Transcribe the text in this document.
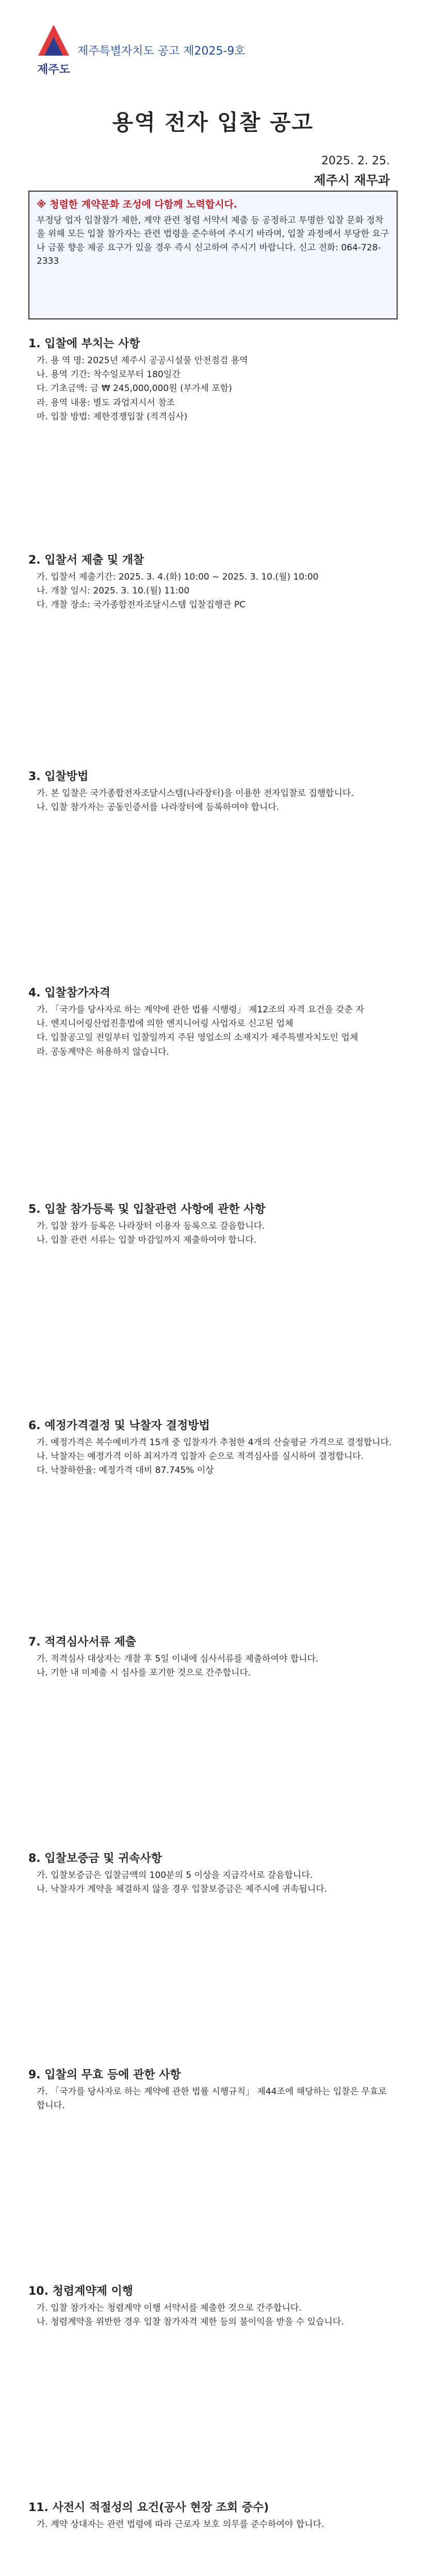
제주도
제주특별자치도 공고 제2025-9호
용역 전자 입찰 공고
2025. 2. 25.
제주시 재무과
※ 청렴한 계약문화 조성에 다함께 노력합시다.
부정당 업자 입찰참가 제한, 계약 관련 청렴 서약서 제출 등 공정하고 투명한 입찰 문화 정착을 위해 모든 입찰 참가자는 관련 법령을 준수하여 주시기 바라며, 입찰 과정에서 부당한 요구나 금품 향응 제공 요구가 있을 경우 즉시 신고하여 주시기 바랍니다. 신고 전화: 064-728-2333
1. 입찰에 부치는 사항

가. 용 역 명: 2025년 제주시 공공시설물 안전점검 용역

나. 용역 기간: 착수일로부터 180일간

다. 기초금액: 금 ₩ 245,000,000원 (부가세 포함)

라. 용역 내용: 별도 과업지시서 참조

마. 입찰 방법: 제한경쟁입찰 (적격심사)

2. 입찰서 제출 및 개찰

가. 입찰서 제출기간: 2025. 3. 4.(화) 10:00 ~ 2025. 3. 10.(월) 10:00

나. 개찰 일시: 2025. 3. 10.(월) 11:00

다. 개찰 장소: 국가종합전자조달시스템 입찰집행관 PC

3. 입찰방법

가. 본 입찰은 국가종합전자조달시스템(나라장터)을 이용한 전자입찰로 집행합니다.

나. 입찰 참가자는 공동인증서를 나라장터에 등록하여야 합니다.

4. 입찰참가자격

가. 「국가를 당사자로 하는 계약에 관한 법률 시행령」 제12조의 자격 요건을 갖춘 자

나. 엔지니어링산업진흥법에 의한 엔지니어링 사업자로 신고된 업체

다. 입찰공고일 전일부터 입찰일까지 주된 영업소의 소재지가 제주특별자치도인 업체

라. 공동계약은 허용하지 않습니다.

5. 입찰 참가등록 및 입찰관련 사항에 관한 사항

가. 입찰 참가 등록은 나라장터 이용자 등록으로 갈음합니다.

나. 입찰 관련 서류는 입찰 마감일까지 제출하여야 합니다.

6. 예정가격결정 및 낙찰자 결정방법

가. 예정가격은 복수예비가격 15개 중 입찰자가 추첨한 4개의 산술평균 가격으로 결정합니다.

나. 낙찰자는 예정가격 이하 최저가격 입찰자 순으로 적격심사를 실시하여 결정합니다.

다. 낙찰하한율: 예정가격 대비 87.745% 이상

7. 적격심사서류 제출

가. 적격심사 대상자는 개찰 후 5일 이내에 심사서류를 제출하여야 합니다.

나. 기한 내 미제출 시 심사를 포기한 것으로 간주합니다.

8. 입찰보증금 및 귀속사항

가. 입찰보증금은 입찰금액의 100분의 5 이상을 지급각서로 갈음합니다.

나. 낙찰자가 계약을 체결하지 않을 경우 입찰보증금은 제주시에 귀속됩니다.

9. 입찰의 무효 등에 관한 사항

가. 「국가를 당사자로 하는 계약에 관한 법률 시행규칙」 제44조에 해당하는 입찰은 무효로 합니다.

10. 청렴계약제 이행

가. 입찰 참가자는 청렴계약 이행 서약서를 제출한 것으로 간주합니다.

나. 청렴계약을 위반한 경우 입찰 참가자격 제한 등의 불이익을 받을 수 있습니다.

11. 사전시 적절성의 요건(공사 현장 조회 증수)

가. 계약 상대자는 관련 법령에 따라 근로자 보호 의무를 준수하여야 합니다.
